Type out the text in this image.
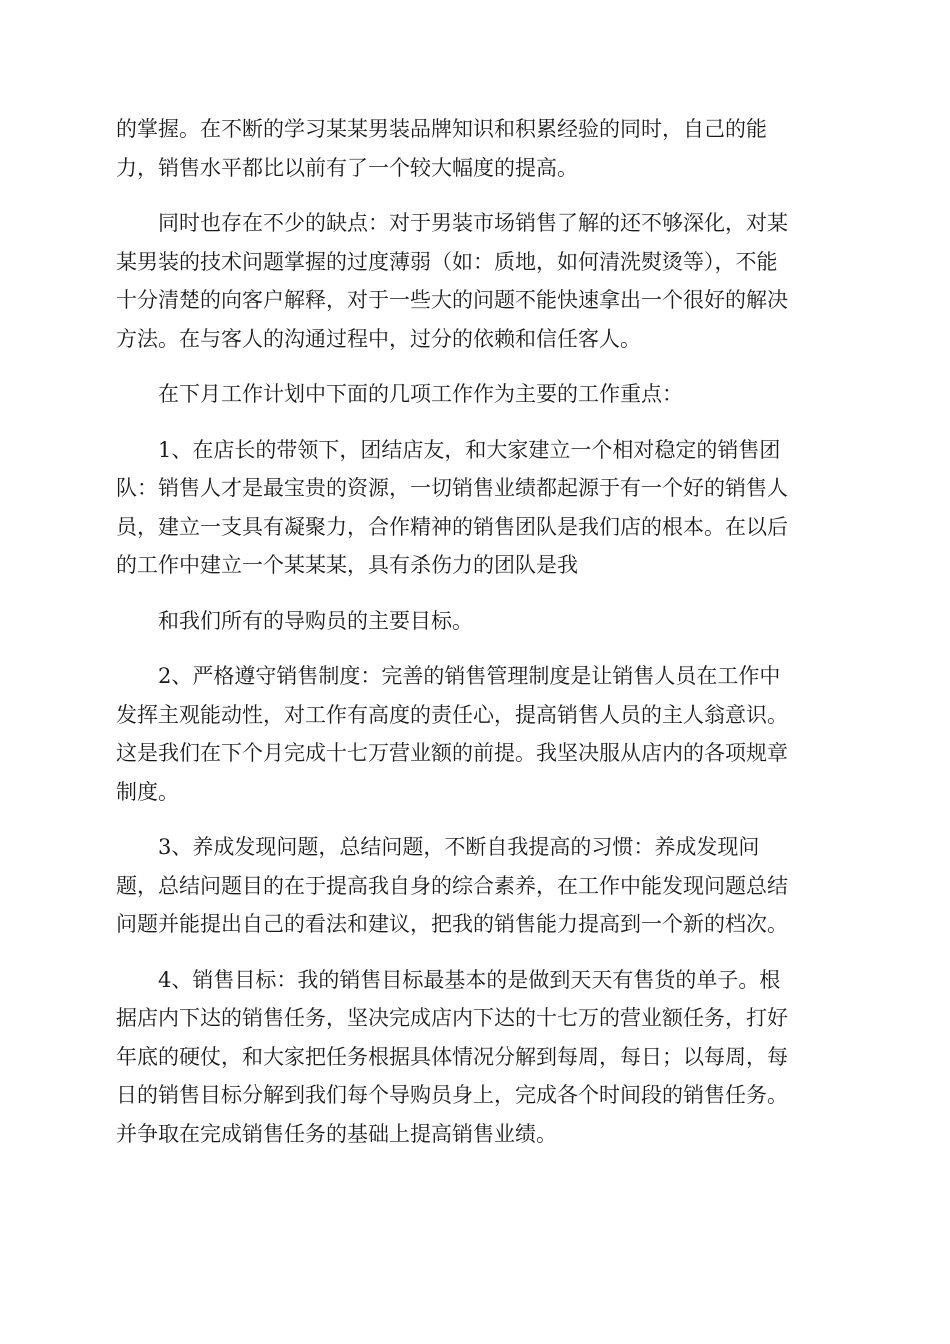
的掌握。在不断的学习某某男装品牌知识和积累经验的同时，自己的能
力，销售水平都比以前有了一个较大幅度的提高。

　　同时也存在不少的缺点：对于男装市场销售了解的还不够深化，对某
某男装的技术问题掌握的过度薄弱（如：质地，如何清洗熨烫等），不能
十分清楚的向客户解释，对于一些大的问题不能快速拿出一个很好的解决
方法。在与客人的沟通过程中，过分的依赖和信任客人。

　　在下月工作计划中下面的几项工作作为主要的工作重点：

　　1、在店长的带领下，团结店友，和大家建立一个相对稳定的销售团
队：销售人才是最宝贵的资源，一切销售业绩都起源于有一个好的销售人
员，建立一支具有凝聚力，合作精神的销售团队是我们店的根本。在以后
的工作中建立一个某某某，具有杀伤力的团队是我

　　和我们所有的导购员的主要目标。

　　2、严格遵守销售制度：完善的销售管理制度是让销售人员在工作中
发挥主观能动性，对工作有高度的责任心，提高销售人员的主人翁意识。
这是我们在下个月完成十七万营业额的前提。我坚决服从店内的各项规章
制度。

　　3、养成发现问题，总结问题，不断自我提高的习惯：养成发现问
题，总结问题目的在于提高我自身的综合素养，在工作中能发现问题总结
问题并能提出自己的看法和建议，把我的销售能力提高到一个新的档次。

　　4、销售目标：我的销售目标最基本的是做到天天有售货的单子。根
据店内下达的销售任务，坚决完成店内下达的十七万的营业额任务，打好
年底的硬仗，和大家把任务根据具体情况分解到每周，每日；以每周，每
日的销售目标分解到我们每个导购员身上，完成各个时间段的销售任务。
并争取在完成销售任务的基础上提高销售业绩。
